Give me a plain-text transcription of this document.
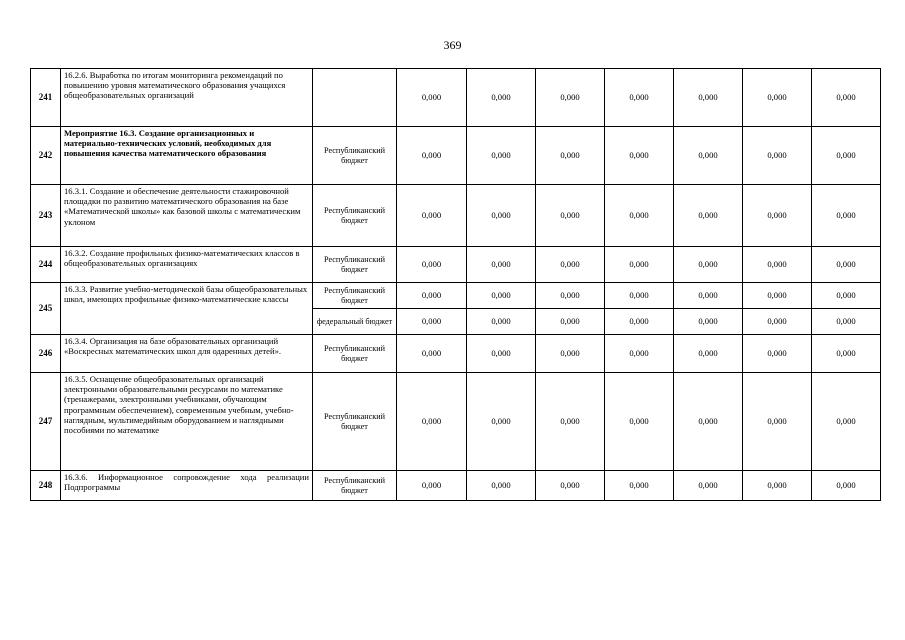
369
241	16.2.6. Выработка по итогам мониторинга рекомендаций по повышению уровня математического образования учащихся общеобразовательных организаций		0,000	0,000	0,000	0,000	0,000	0,000	0,000
242	Мероприятие 16.3. Создание организационных и материально-технических условий, необходимых для повышения качества математического образования	Республиканский бюджет	0,000	0,000	0,000	0,000	0,000	0,000	0,000
243	16.3.1. Создание и обеспечение деятельности стажировочной площадки по развитию математического образования на базе «Математической школы» как базовой школы с математическим уклоном	Республиканский бюджет	0,000	0,000	0,000	0,000	0,000	0,000	0,000
244	16.3.2. Создание профильных физико-математических классов в общеобразовательных организациях	Республиканский бюджет	0,000	0,000	0,000	0,000	0,000	0,000	0,000
245	16.3.3. Развитие учебно-методической базы общеобразовательных школ, имеющих профильные физико-математические классы	Республиканский бюджет	0,000	0,000	0,000	0,000	0,000	0,000	0,000
		федеральный бюджет	0,000	0,000	0,000	0,000	0,000	0,000	0,000
246	16.3.4. Организация на базе образовательных организаций «Воскресных математических школ для одаренных детей».	Республиканский бюджет	0,000	0,000	0,000	0,000	0,000	0,000	0,000
247	16.3.5. Оснащение общеобразовательных организаций электронными образовательными ресурсами по математике (тренажерами, электронными учебниками, обучающим программным обеспечением), современным учебным, учебно-наглядным, мультимедийным оборудованием и наглядными пособиями по математике	Республиканский бюджет	0,000	0,000	0,000	0,000	0,000	0,000	0,000
248	16.3.6. Информационное сопровождение хода реализации Подпрограммы	Республиканский бюджет	0,000	0,000	0,000	0,000	0,000	0,000	0,000
